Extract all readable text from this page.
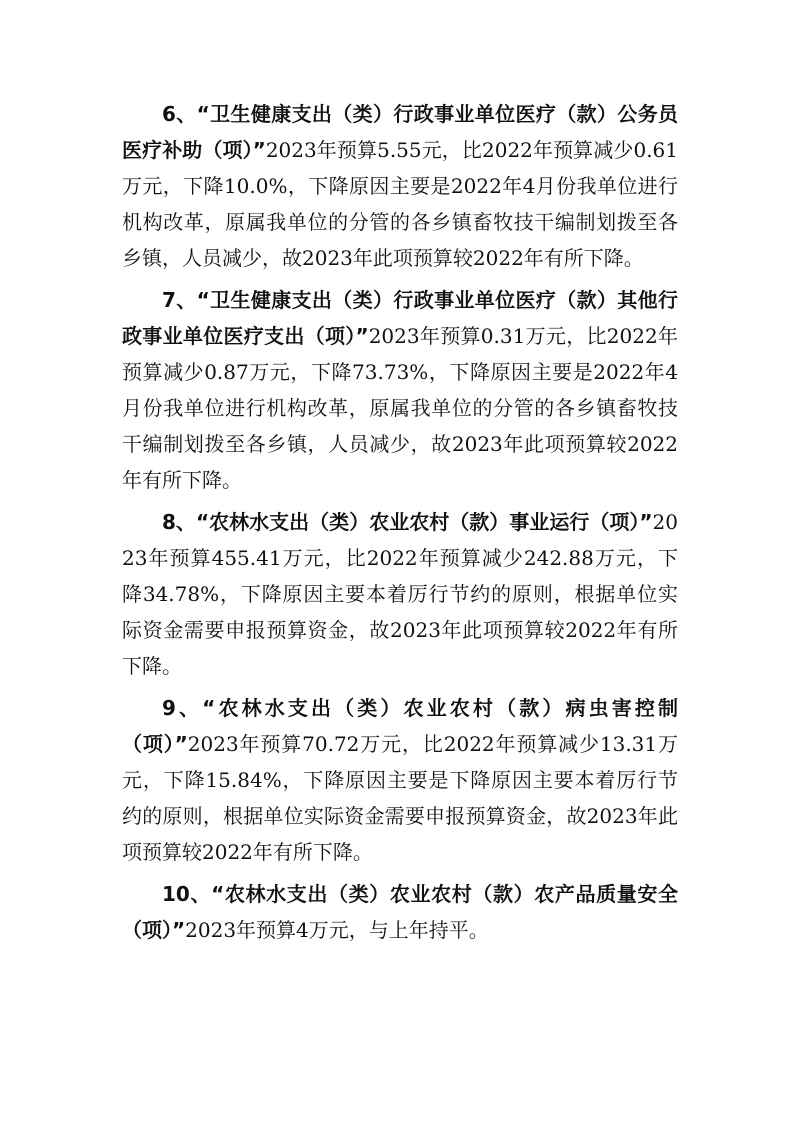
6、“卫生健康支出（类）行政事业单位医疗（款）公务员医疗补助（项）”2023年预算5.55元，比2022年预算减少0.61万元，下降10.0%，下降原因主要是2022年4月份我单位进行机构改革，原属我单位的分管的各乡镇畜牧技干编制划拨至各乡镇，人员减少，故2023年此项预算较2022年有所下降。

7、“卫生健康支出（类）行政事业单位医疗（款）其他行政事业单位医疗支出（项）”2023年预算0.31万元，比2022年预算减少0.87万元，下降73.73%，下降原因主要是2022年4月份我单位进行机构改革，原属我单位的分管的各乡镇畜牧技干编制划拨至各乡镇，人员减少，故2023年此项预算较2022年有所下降。

8、“农林水支出（类）农业农村（款）事业运行（项）”2023年预算455.41万元，比2022年预算减少242.88万元，下降34.78%，下降原因主要本着厉行节约的原则，根据单位实际资金需要申报预算资金，故2023年此项预算较2022年有所下降。

9、“农林水支出（类）农业农村（款）病虫害控制（项）”2023年预算70.72万元，比2022年预算减少13.31万元，下降15.84%，下降原因主要是下降原因主要本着厉行节约的原则，根据单位实际资金需要申报预算资金，故2023年此项预算较2022年有所下降。

10、“农林水支出（类）农业农村（款）农产品质量安全（项）”2023年预算4万元，与上年持平。
